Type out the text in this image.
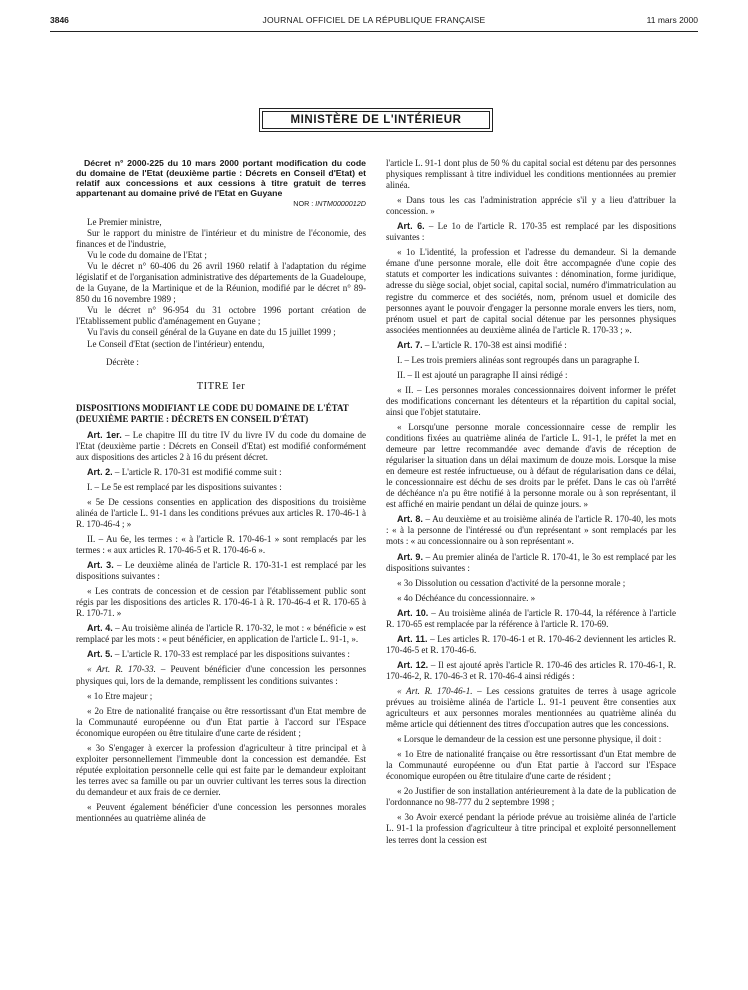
3846	JOURNAL OFFICIEL DE LA RÉPUBLIQUE FRANÇAISE	11 mars 2000
MINISTÈRE DE L'INTÉRIEUR

Décret n° 2000-225 du 10 mars 2000 portant modification du code du domaine de l'Etat (deuxième partie : Décrets en Conseil d'Etat) et relatif aux concessions et aux cessions à titre gratuit de terres appartenant au domaine privé de l'Etat en Guyane

NOR : INTM0000012D

Le Premier ministre,

Sur le rapport du ministre de l'intérieur et du ministre de l'économie, des finances et de l'industrie,

Vu le code du domaine de l'Etat ;

Vu le décret n° 60-406 du 26 avril 1960 relatif à l'adaptation du régime législatif et de l'organisation administrative des départements de la Guadeloupe, de la Guyane, de la Martinique et de la Réunion, modifié par le décret n° 89-850 du 16 novembre 1989 ;

Vu le décret n° 96-954 du 31 octobre 1996 portant création de l'Etablissement public d'aménagement en Guyane ;

Vu l'avis du conseil général de la Guyane en date du 15 juillet 1999 ;

Le Conseil d'Etat (section de l'intérieur) entendu,

Décrète :

TITRE Ier

DISPOSITIONS MODIFIANT LE CODE DU DOMAINE DE L'ÉTAT (DEUXIÈME PARTIE : DÉCRETS EN CONSEIL D'ÉTAT)

Art. 1er. – Le chapitre III du titre IV du livre IV du code du domaine de l'Etat (deuxième partie : Décrets en Conseil d'Etat) est modifié conformément aux dispositions des articles 2 à 16 du présent décret.

Art. 2. – L'article R. 170-31 est modifié comme suit :

I. – Le 5e est remplacé par les dispositions suivantes :

« 5e De cessions consenties en application des dispositions du troisième alinéa de l'article L. 91-1 dans les conditions prévues aux articles R. 170-46-1 à R. 170-46-4 ; »

II. – Au 6e, les termes : « à l'article R. 170-46-1 » sont remplacés par les termes : « aux articles R. 170-46-5 et R. 170-46-6 ».

Art. 3. – Le deuxième alinéa de l'article R. 170-31-1 est remplacé par les dispositions suivantes :

« Les contrats de concession et de cession par l'établissement public sont régis par les dispositions des articles R. 170-46-1 à R. 170-46-4 et R. 170-65 à R. 170-71. »

Art. 4. – Au troisième alinéa de l'article R. 170-32, le mot : « bénéficie » est remplacé par les mots : « peut bénéficier, en application de l'article L. 91-1, ».

Art. 5. – L'article R. 170-33 est remplacé par les dispositions suivantes :

« Art. R. 170-33. – Peuvent bénéficier d'une concession les personnes physiques qui, lors de la demande, remplissent les conditions suivantes :

« 1o Etre majeur ;

« 2o Etre de nationalité française ou être ressortissant d'un Etat membre de la Communauté européenne ou d'un Etat partie à l'accord sur l'Espace économique européen ou être titulaire d'une carte de résident ;

« 3o S'engager à exercer la profession d'agriculteur à titre principal et à exploiter personnellement l'immeuble dont la concession est demandée. Est réputée exploitation personnelle celle qui est faite par le demandeur exploitant les terres avec sa famille ou par un ouvrier cultivant les terres sous la direction du demandeur et aux frais de ce dernier.

« Peuvent également bénéficier d'une concession les personnes morales mentionnées au quatrième alinéa de

l'article L. 91-1 dont plus de 50 % du capital social est détenu par des personnes physiques remplissant à titre individuel les conditions mentionnées au premier alinéa.

« Dans tous les cas l'administration apprécie s'il y a lieu d'attribuer la concession. »

Art. 6. – Le 1o de l'article R. 170-35 est remplacé par les dispositions suivantes :

« 1o L'identité, la profession et l'adresse du demandeur. Si la demande émane d'une personne morale, elle doit être accompagnée d'une copie des statuts et comporter les indications suivantes : dénomination, forme juridique, adresse du siège social, objet social, capital social, numéro d'immatriculation au registre du commerce et des sociétés, nom, prénom usuel et domicile des personnes ayant le pouvoir d'engager la personne morale envers les tiers, nom, prénom usuel et part de capital social détenue par les personnes physiques associées mentionnées au deuxième alinéa de l'article R. 170-33 ; ».

Art. 7. – L'article R. 170-38 est ainsi modifié :

I. – Les trois premiers alinéas sont regroupés dans un paragraphe I.

II. – Il est ajouté un paragraphe II ainsi rédigé :

« II. – Les personnes morales concessionnaires doivent informer le préfet des modifications concernant les détenteurs et la répartition du capital social, ainsi que l'objet statutaire.

« Lorsqu'une personne morale concessionnaire cesse de remplir les conditions fixées au quatrième alinéa de l'article L. 91-1, le préfet la met en demeure par lettre recommandée avec demande d'avis de réception de régulariser la situation dans un délai maximum de douze mois. Lorsque la mise en demeure est restée infructueuse, ou à défaut de régularisation dans ce délai, le concessionnaire est déchu de ses droits par le préfet. Dans le cas où l'arrêté de déchéance n'a pu être notifié à la personne morale ou à son représentant, il est affiché en mairie pendant un délai de quinze jours. »

Art. 8. – Au deuxième et au troisième alinéa de l'article R. 170-40, les mots : « à la personne de l'intéressé ou d'un représentant » sont remplacés par les mots : « au concessionnaire ou à son représentant ».

Art. 9. – Au premier alinéa de l'article R. 170-41, le 3o est remplacé par les dispositions suivantes :

« 3o Dissolution ou cessation d'activité de la personne morale ;

« 4o Déchéance du concessionnaire. »

Art. 10. – Au troisième alinéa de l'article R. 170-44, la référence à l'article R. 170-65 est remplacée par la référence à l'article R. 170-69.

Art. 11. – Les articles R. 170-46-1 et R. 170-46-2 deviennent les articles R. 170-46-5 et R. 170-46-6.

Art. 12. – Il est ajouté après l'article R. 170-46 des articles R. 170-46-1, R. 170-46-2, R. 170-46-3 et R. 170-46-4 ainsi rédigés :

« Art. R. 170-46-1. – Les cessions gratuites de terres à usage agricole prévues au troisième alinéa de l'article L. 91-1 peuvent être consenties aux agriculteurs et aux personnes morales mentionnées au quatrième alinéa du même article qui détiennent des titres d'occupation autres que les concessions.

« Lorsque le demandeur de la cession est une personne physique, il doit :

« 1o Etre de nationalité française ou être ressortissant d'un Etat membre de la Communauté européenne ou d'un Etat partie à l'accord sur l'Espace économique européen ou être titulaire d'une carte de résident ;

« 2o Justifier de son installation antérieurement à la date de la publication de l'ordonnance no 98-777 du 2 septembre 1998 ;

« 3o Avoir exercé pendant la période prévue au troisième alinéa de l'article L. 91-1 la profession d'agriculteur à titre principal et exploité personnellement les terres dont la cession est
